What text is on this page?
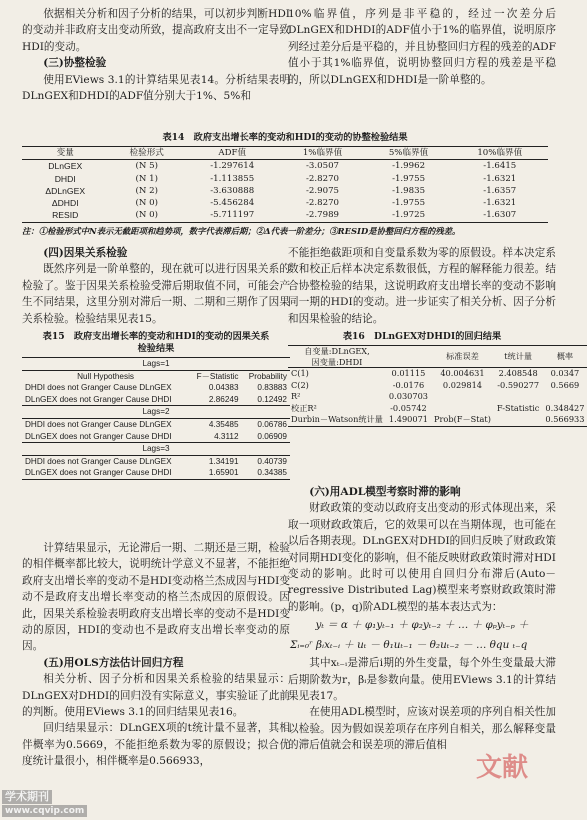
依据相关分析和因子分析的结果，可以初步判断HDI的变动并非政府支出变动所致，提高政府支出不一定导致HDI的变动。

(三)协整检验

使用EViews 3.1的计算结果见表14。分析结果表明DLnGEX和DHDI的ADF值分别大于1%、5%和

10%临界值，序列是非平稳的，经过一次差分后DLnGEX和DHDI的ADF值小于1%的临界值，说明原序列经过差分后是平稳的，并且协整回归方程的残差的ADF值小于其1%临界值，说明协整回归方程的残差是平稳的，所以DLnGEX和DHDI是一阶单整的。

表14　政府支出增长率的变动和HDI的变动的协整检验结果
变量	检验形式	ADF值	1%临界值	5%临界值	10%临界值
DLnGEX	(N 5)	-1.297614	-3.0507	-1.9962	-1.6415
DHDI	(N 1)	-1.113855	-2.8270	-1.9755	-1.6321
ΔDLnGEX	(N 2)	-3.630888	-2.9075	-1.9835	-1.6357
ΔDHDI	(N 0)	-5.456284	-2.8270	-1.9755	-1.6321
RESID	(N 0)	-5.711197	-2.7989	-1.9725	-1.6307
注：①检验形式中N表示无截距项和趋势项，数字代表滞后期；②Δ代表一阶差分；③RESID是协整回归方程的残差。

(四)因果关系检验

既然序列是一阶单整的，现在就可以进行因果关系的检验了。鉴于因果关系检验受滞后期取值不同，可能会产生不同结果，这里分别对滞后一期、二期和三期作了因果关系检验。检验结果见表15。

表15　政府支出增长率的变动和HDI的变动的因果关系检验结果
Lags=1		
Null Hypothesis	F－Statistic	Probability
DHDI does not Granger Cause DLnGEX	0.04383	0.83883
DLnGEX does not Granger Cause DHDI	2.86249	0.12492
Lags=2		
DHDI does not Granger Cause DLnGEX	4.35485	0.06786
DLnGEX does not Granger Cause DHDI	4.3112	0.06909
Lags=3		
DHDI does not Granger Cause DLnGEX	1.34191	0.40739
DLnGEX does not Granger Cause DHDI	1.65901	0.34385

计算结果显示，无论滞后一期、二期还是三期，检验的相伴概率都比较大，说明统计学意义不显著，不能拒绝政府支出增长率的变动不是HDI变动格兰杰成因与HDI变动不是政府支出增长率变动的格兰杰成因的原假设。因此，因果关系检验表明政府支出增长率的变动不是HDI变动的原因，HDI的变动也不是政府支出增长率变动的原因。

(五)用OLS方法估计回归方程

相关分析、因子分析和因果关系检验的结果显示：DLnGEX对DHDI的回归没有实际意义，事实验证了此前的判断。使用EViews 3.1的回归结果见表16。

回归结果显示：DLnGEX项的t统计量不显著，其相伴概率为0.5669，不能拒绝系数为零的原假设；拟合优度统计量很小，相伴概率是0.566933，

不能拒绝截距项和自变量系数为零的原假设。样本决定系数和校正后样本决定系数很低，方程的解释能力很差。结合协整检验的结果，这说明政府支出增长率的变动不影响同一期的HDI的变动。进一步证实了相关分析、因子分析和因果检验的结论。

表16　DLnGEX对DHDI的回归结果
自变量:DLnGEX,
因变量:DHDI		标准误差	t统计量	概率
C(1)	0.01115	40.004631	2.408548	0.0347
C(2)	-0.0176	0.029814	-0.590277	0.5669
R²	0.030703			
校正R²	-0.05742		F-Statistic	0.348427
Durbin－Watson统计量	1.490071	Prob(F－Stat)		0.566933

(六)用ADL模型考察时滞的影响

财政政策的变动以政府支出变动的形式体现出来，采取一项财政政策后，它的效果可以在当期体现，也可能在以后各期表现。DLnGEX对DHDI的回归反映了财政政策对同期HDI变化的影响，但不能反映财政政策时滞对HDI变动的影响。此时可以使用自回归分布滞后(Auto－regressive Distributed Lag)模型来考察财政政策时滞的影响。(p，q)阶ADL模型的基本表达式为：

yₜ ＝ α ＋ φ₁yₜ₋₁ ＋ φ₂yₜ₋₂ ＋ … ＋ φₚyₜ₋ₚ ＋
Σᵢ₌₀ʳ βᵢxₜ₋ᵢ ＋ uₜ － θ₁uₜ₋₁ － θ₂uₜ₋₂ － … θqu ₜ₋q

其中xₜ₋ᵢ是滞后i期的外生变量，每个外生变量最大滞后期阶数为r，βᵢ是参数向量。使用EViews 3.1的计算结果见表17。

在使用ADL模型时，应该对误差项的序列自相关性加以检验。因为假如误差项存在序列自相关，那么解释变量的滞后值就会和误差项的滞后值相

文献
学术期刊
www.cqvip.com
